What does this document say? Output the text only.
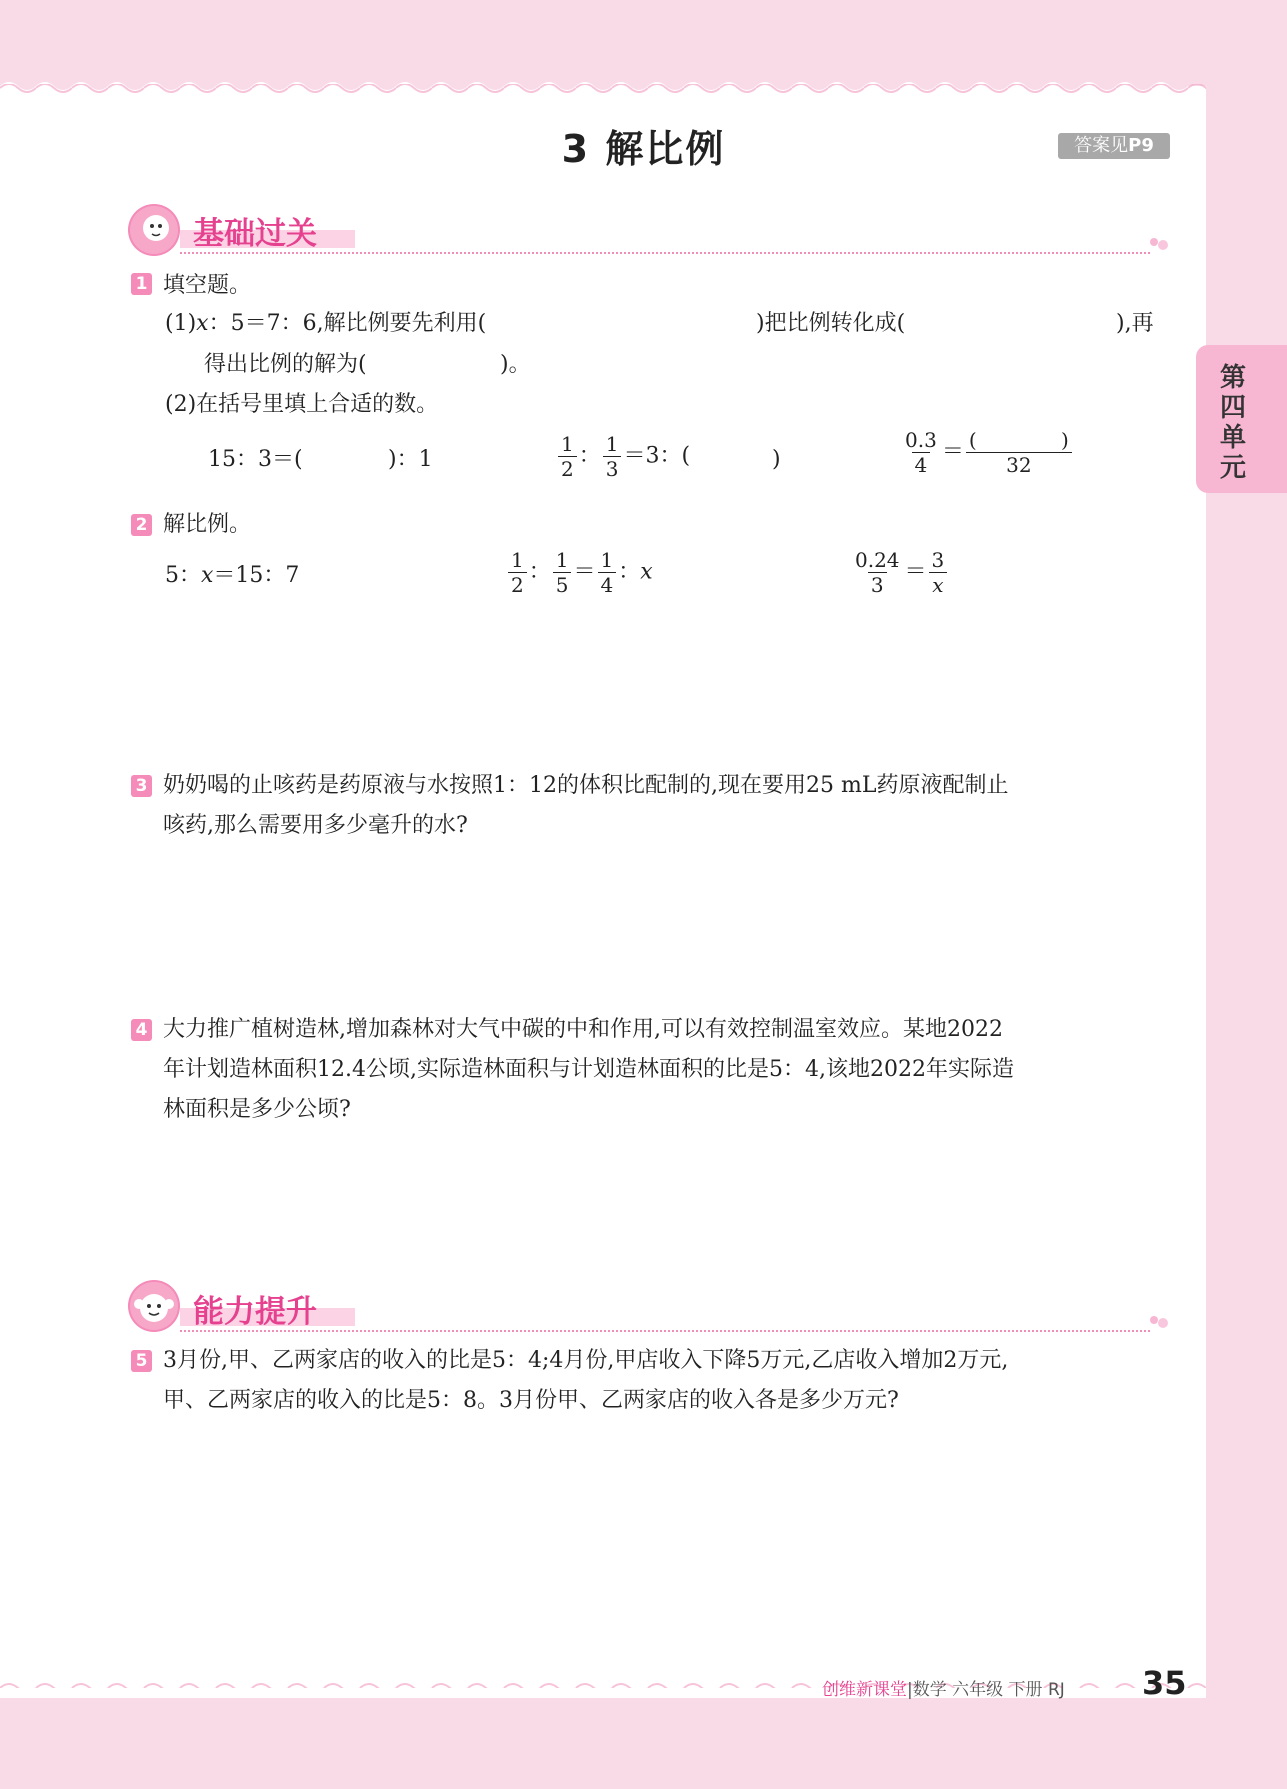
3 解比例	答案见P9
第四单元
基础过关
1 填空题。
(1)x：5＝7：6,解比例要先利用(	)把比例转化成(	),再
得出比例的解为(	)。
(2)在括号里填上合适的数。
15：3＝(	)：1	$\frac{1}{2}$ ： $\frac{1}{3} =3$：(	)	$\frac{0.3}{4}$ ＝ (	)
32
2 解比例。
5：x＝15：7	$\frac{1}{2}$ ： $\frac{1}{5} = \frac{1}{4}$ ：x	$\frac{0.24}{3} = \frac{3}{x}$
3 奶奶喝的止咳药是药原液与水按照1：12的体积比配制的,现在要用25 mL药原液配制止
咳药,那么需要用多少毫升的水?
4 大力推广植树造林,增加森林对大气中碳的中和作用,可以有效控制温室效应。某地2022
年计划造林面积12.4公顷,实际造林面积与计划造林面积的比是5：4,该地2022年实际造
林面积是多少公顷?
能力提升
5 3月份,甲、乙两家店的收入的比是5：4;4月份,甲店收入下降5万元,乙店收入增加2万元,
甲、乙两家店的收入的比是5：8。3月份甲、乙两家店的收入各是多少万元?
创维新课堂|数学 六年级 下册 RJ 35
